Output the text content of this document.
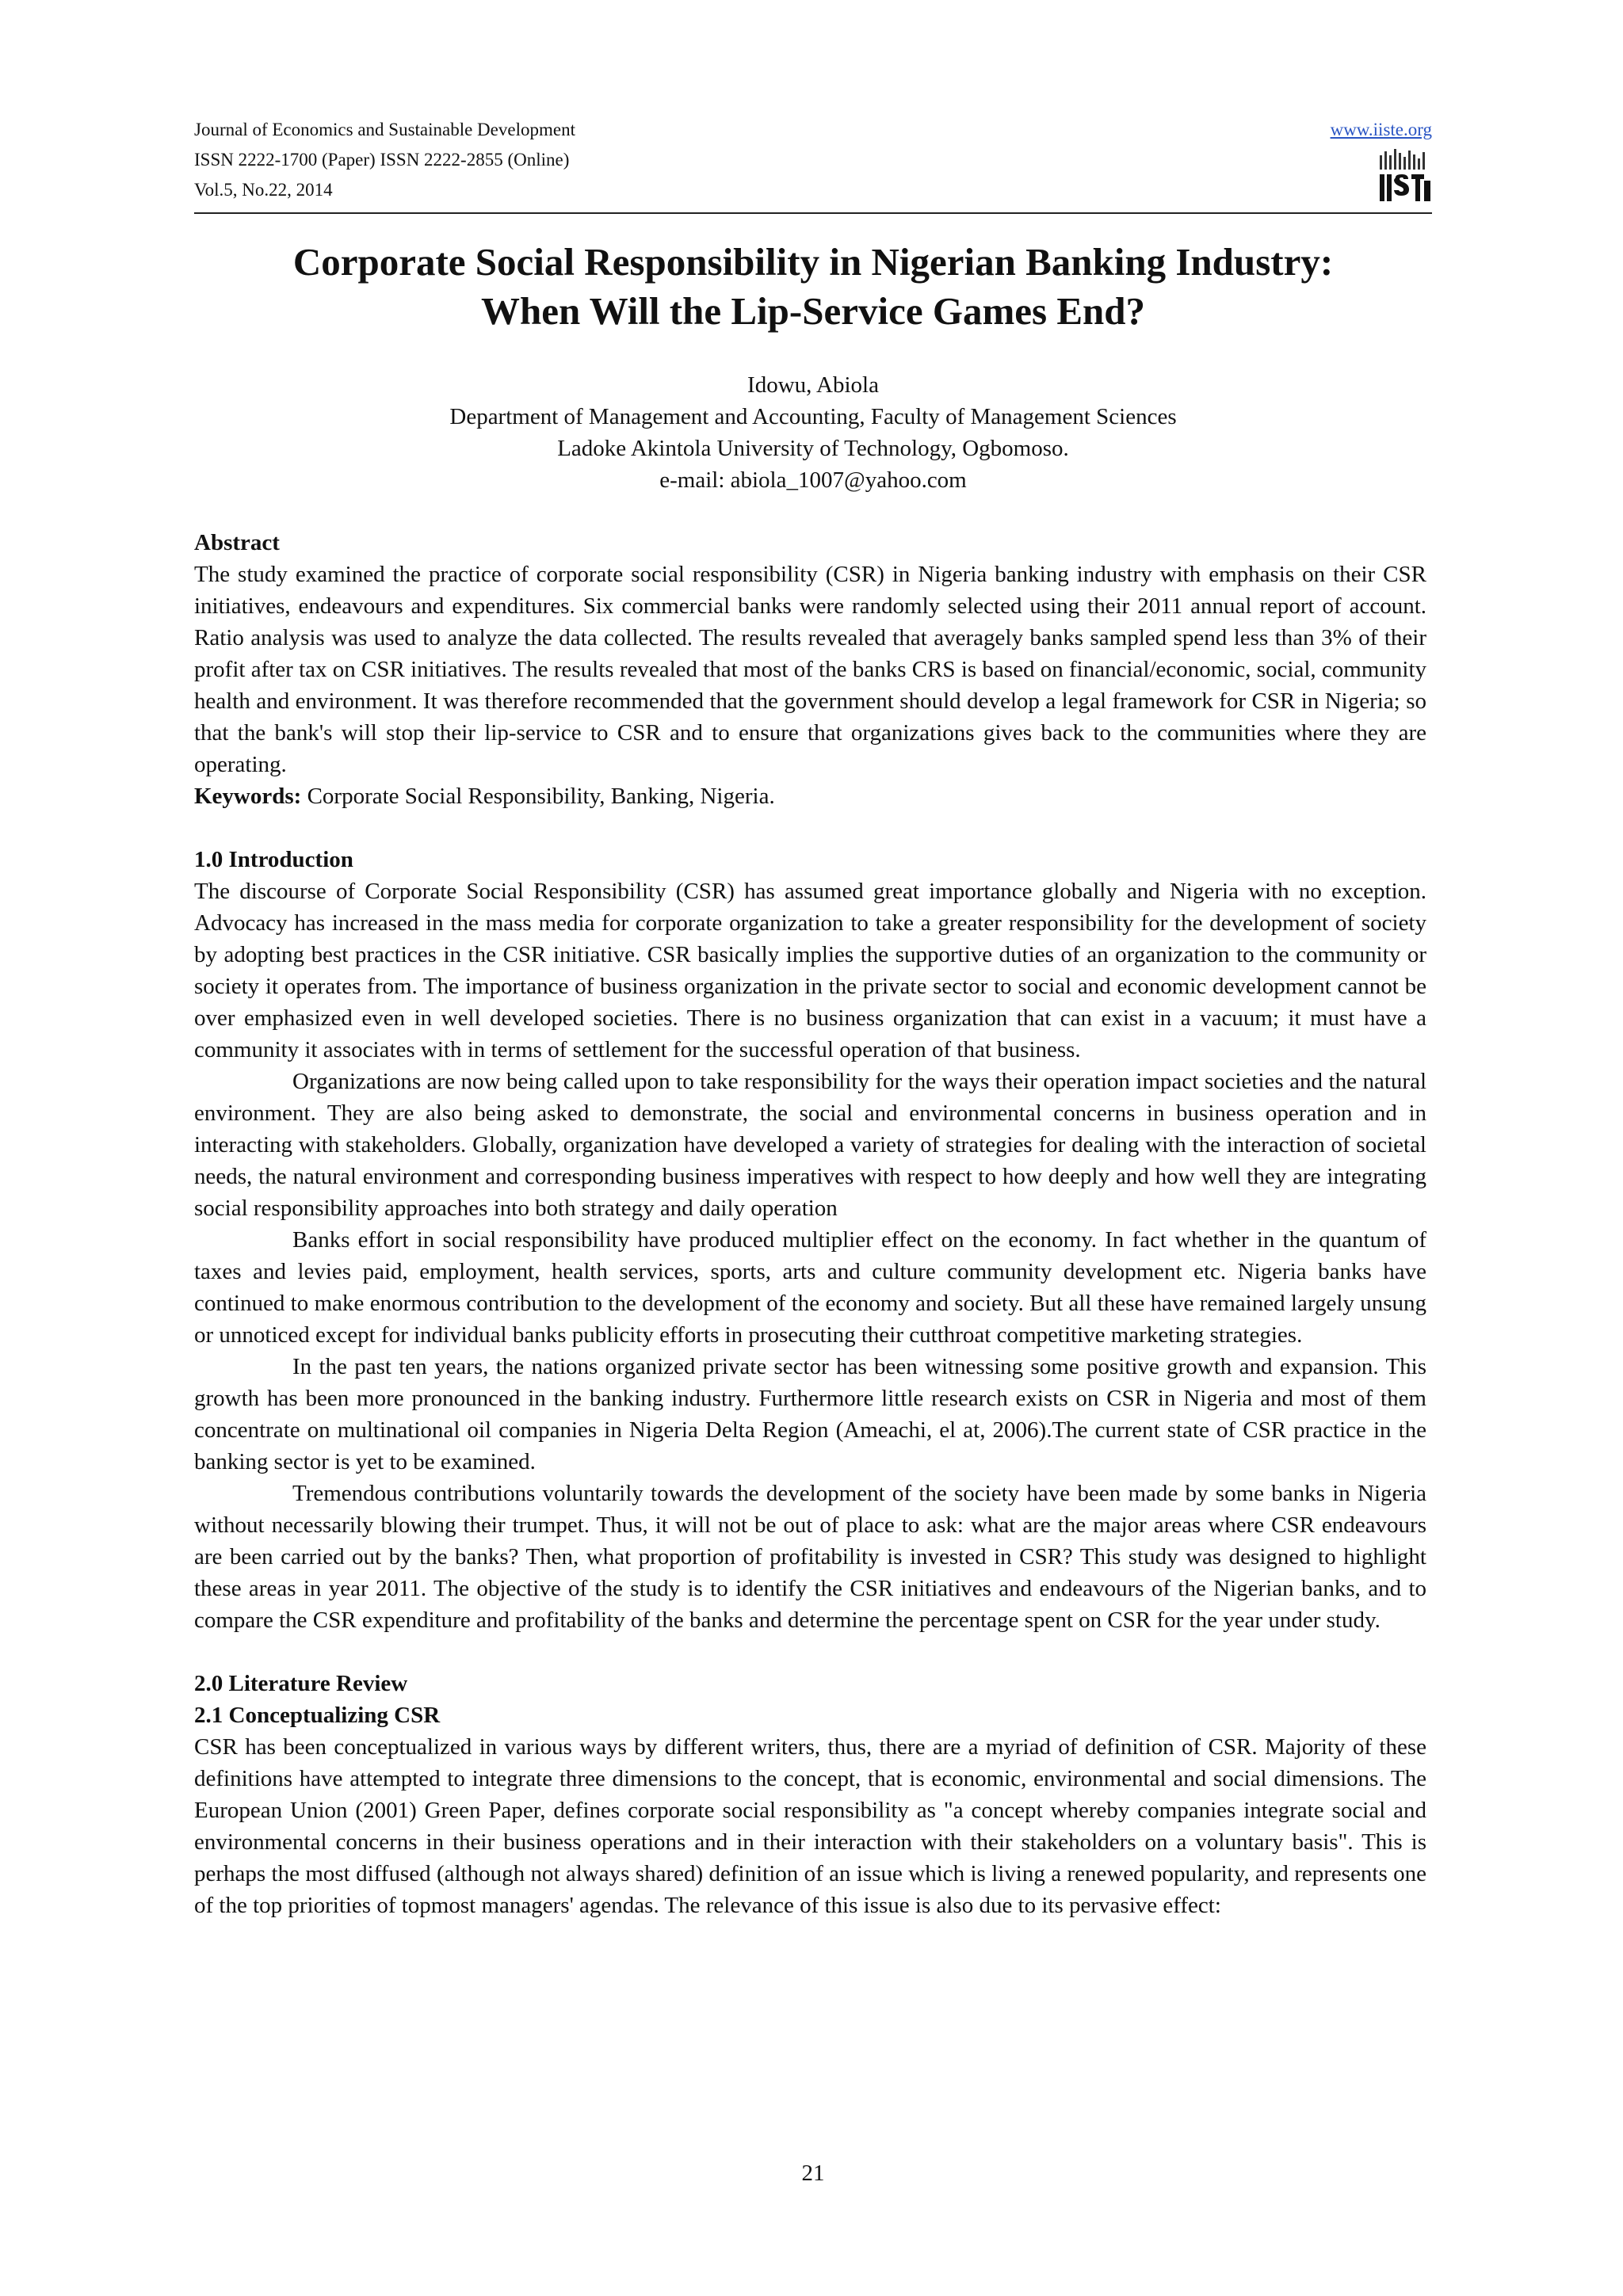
Journal of Economics and Sustainable Development	www.iiste.org
ISSN 2222-1700 (Paper) ISSN 2222-2855 (Online)
Vol.5, No.22, 2014
Corporate Social Responsibility in Nigerian Banking Industry:
When Will the Lip-Service Games End?
Idowu, Abiola
Department of Management and Accounting, Faculty of Management Sciences
Ladoke Akintola University of Technology, Ogbomoso.
e-mail: abiola_1007@yahoo.com

Abstract

The study examined the practice of corporate social responsibility (CSR) in Nigeria banking industry with emphasis on their CSR initiatives, endeavours and expenditures. Six commercial banks were randomly selected using their 2011 annual report of account. Ratio analysis was used to analyze the data collected. The results revealed that averagely banks sampled spend less than 3% of their profit after tax on CSR initiatives. The results revealed that most of the banks CRS is based on financial/economic, social, community health and environment. It was therefore recommended that the government should develop a legal framework for CSR in Nigeria; so that the bank's will stop their lip-service to CSR and to ensure that organizations gives back to the communities where they are operating.

Keywords: Corporate Social Responsibility, Banking, Nigeria.

1.0 Introduction

The discourse of Corporate Social Responsibility (CSR) has assumed great importance globally and Nigeria with no exception. Advocacy has increased in the mass media for corporate organization to take a greater responsibility for the development of society by adopting best practices in the CSR initiative. CSR basically implies the supportive duties of an organization to the community or society it operates from. The importance of business organization in the private sector to social and economic development cannot be over emphasized even in well developed societies. There is no business organization that can exist in a vacuum; it must have a community it associates with in terms of settlement for the successful operation of that business.

Organizations are now being called upon to take responsibility for the ways their operation impact societies and the natural environment. They are also being asked to demonstrate, the social and environmental concerns in business operation and in interacting with stakeholders. Globally, organization have developed a variety of strategies for dealing with the interaction of societal needs, the natural environment and corresponding business imperatives with respect to how deeply and how well they are integrating social responsibility approaches into both strategy and daily operation

Banks effort in social responsibility have produced multiplier effect on the economy. In fact whether in the quantum of taxes and levies paid, employment, health services, sports, arts and culture community development etc. Nigeria banks have continued to make enormous contribution to the development of the economy and society. But all these have remained largely unsung or unnoticed except for individual banks publicity efforts in prosecuting their cutthroat competitive marketing strategies.

In the past ten years, the nations organized private sector has been witnessing some positive growth and expansion. This growth has been more pronounced in the banking industry. Furthermore little research exists on CSR in Nigeria and most of them concentrate on multinational oil companies in Nigeria Delta Region (Ameachi, el at, 2006).The current state of CSR practice in the banking sector is yet to be examined.

Tremendous contributions voluntarily towards the development of the society have been made by some banks in Nigeria without necessarily blowing their trumpet. Thus, it will not be out of place to ask: what are the major areas where CSR endeavours are been carried out by the banks? Then, what proportion of profitability is invested in CSR? This study was designed to highlight these areas in year 2011. The objective of the study is to identify the CSR initiatives and endeavours of the Nigerian banks, and to compare the CSR expenditure and profitability of the banks and determine the percentage spent on CSR for the year under study.

2.0 Literature Review

2.1 Conceptualizing CSR

CSR has been conceptualized in various ways by different writers, thus, there are a myriad of definition of CSR. Majority of these definitions have attempted to integrate three dimensions to the concept, that is economic, environmental and social dimensions. The European Union (2001) Green Paper, defines corporate social responsibility as "a concept whereby companies integrate social and environmental concerns in their business operations and in their interaction with their stakeholders on a voluntary basis". This is perhaps the most diffused (although not always shared) definition of an issue which is living a renewed popularity, and represents one of the top priorities of topmost managers' agendas. The relevance of this issue is also due to its pervasive effect:

21
